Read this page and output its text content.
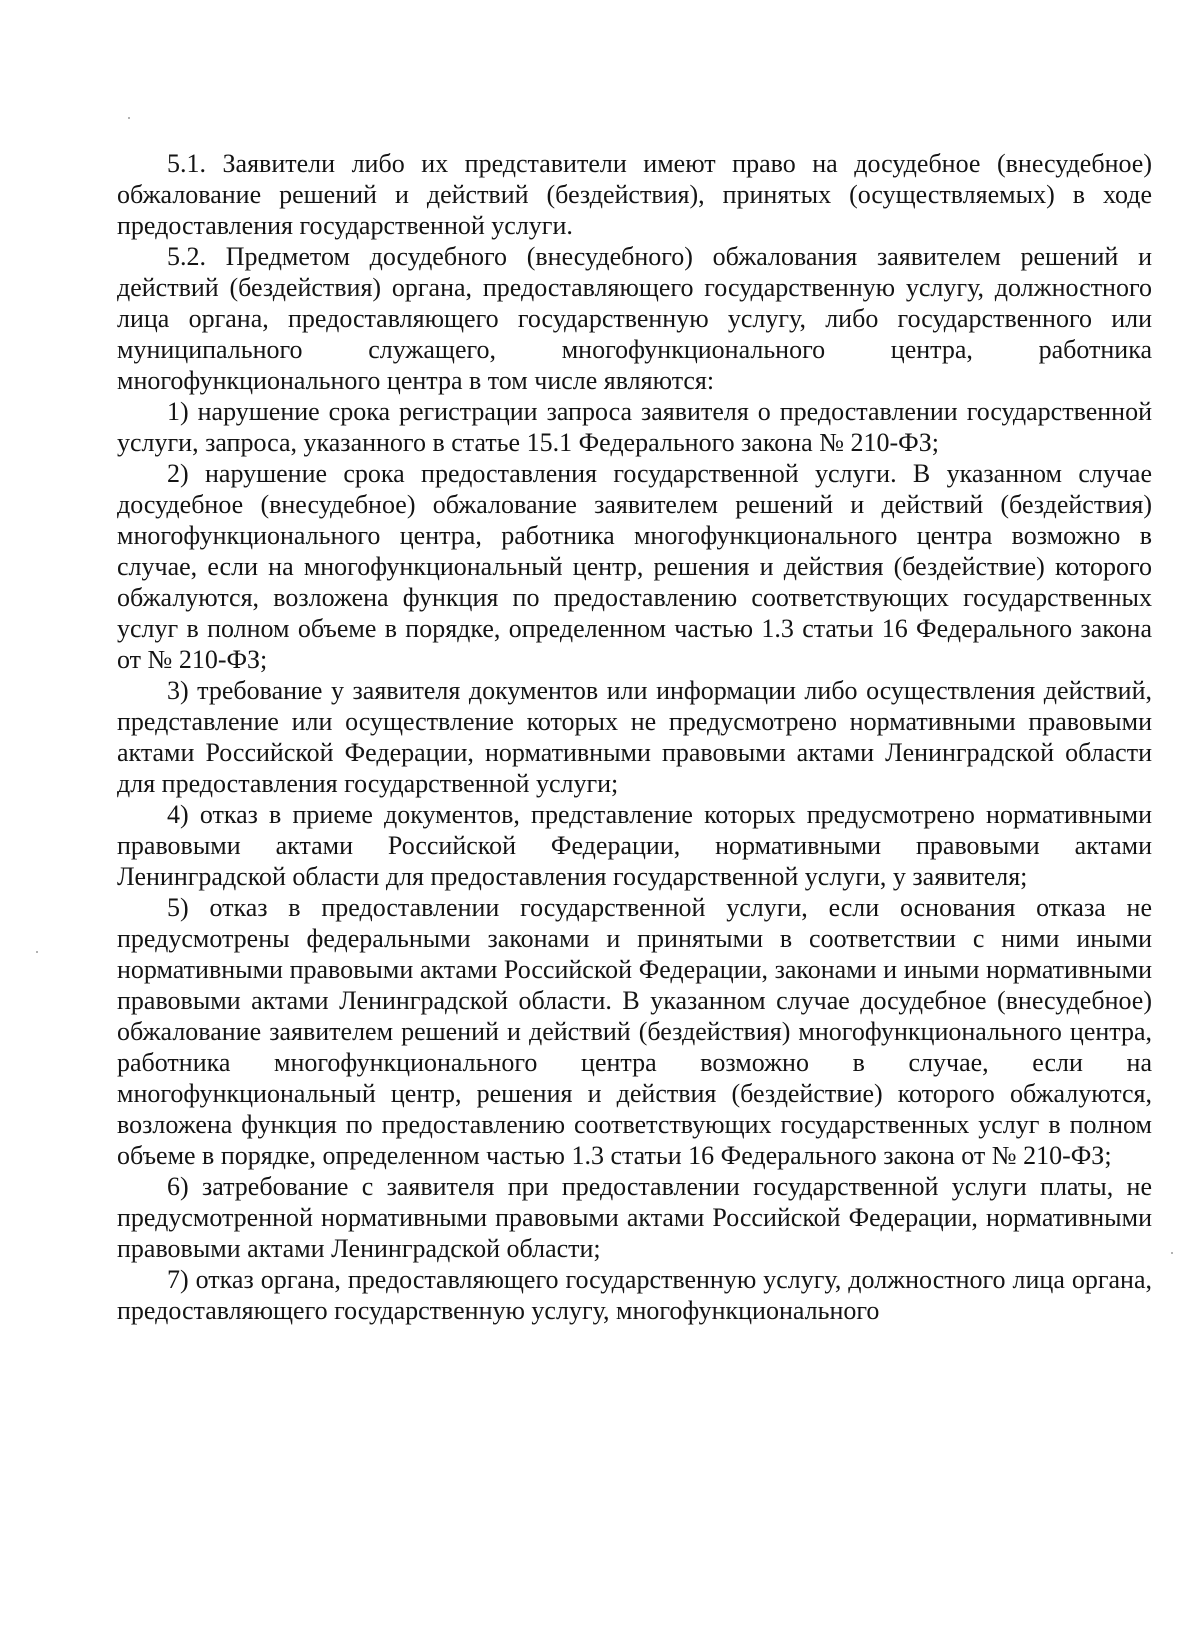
5.1. Заявители либо их представители имеют право на досудебное (внесудебное) обжалование решений и действий (бездействия), принятых (осуществляемых) в ходе предоставления государственной услуги.

5.2. Предметом досудебного (внесудебного) обжалования заявителем решений и действий (бездействия) органа, предоставляющего государственную услугу, должностного лица органа, предоставляющего государственную услугу, либо государственного или муниципального служащего, многофункционального центра, работника многофункционального центра в том числе являются:

1) нарушение срока регистрации запроса заявителя о предоставлении государственной услуги, запроса, указанного в статье 15.1 Федерального закона № 210-ФЗ;

2) нарушение срока предоставления государственной услуги. В указанном случае досудебное (внесудебное) обжалование заявителем решений и действий (бездействия) многофункционального центра, работника многофункционального центра возможно в случае, если на многофункциональный центр, решения и действия (бездействие) которого обжалуются, возложена функция по предоставлению соответствующих государственных услуг в полном объеме в порядке, определенном частью 1.3 статьи 16 Федерального закона от № 210-ФЗ;

3) требование у заявителя документов или информации либо осуществления действий, представление или осуществление которых не предусмотрено нормативными правовыми актами Российской Федерации, нормативными правовыми актами Ленинградской области для предоставления государственной услуги;

4) отказ в приеме документов, представление которых предусмотрено нормативными правовыми актами Российской Федерации, нормативными правовыми актами Ленинградской области для предоставления государственной услуги, у заявителя;

5) отказ в предоставлении государственной услуги, если основания отказа не предусмотрены федеральными законами и принятыми в соответствии с ними иными нормативными правовыми актами Российской Федерации, законами и иными нормативными правовыми актами Ленинградской области. В указанном случае досудебное (внесудебное) обжалование заявителем решений и действий (бездействия) многофункционального центра, работника многофункционального центра возможно в случае, если на многофункциональный центр, решения и действия (бездействие) которого обжалуются, возложена функция по предоставлению соответствующих государственных услуг в полном объеме в порядке, определенном частью 1.3 статьи 16 Федерального закона от № 210-ФЗ;

6) затребование с заявителя при предоставлении государственной услуги платы, не предусмотренной нормативными правовыми актами Российской Федерации, нормативными правовыми актами Ленинградской области;

7) отказ органа, предоставляющего государственную услугу, должностного лица органа, предоставляющего государственную услугу, многофункционального
